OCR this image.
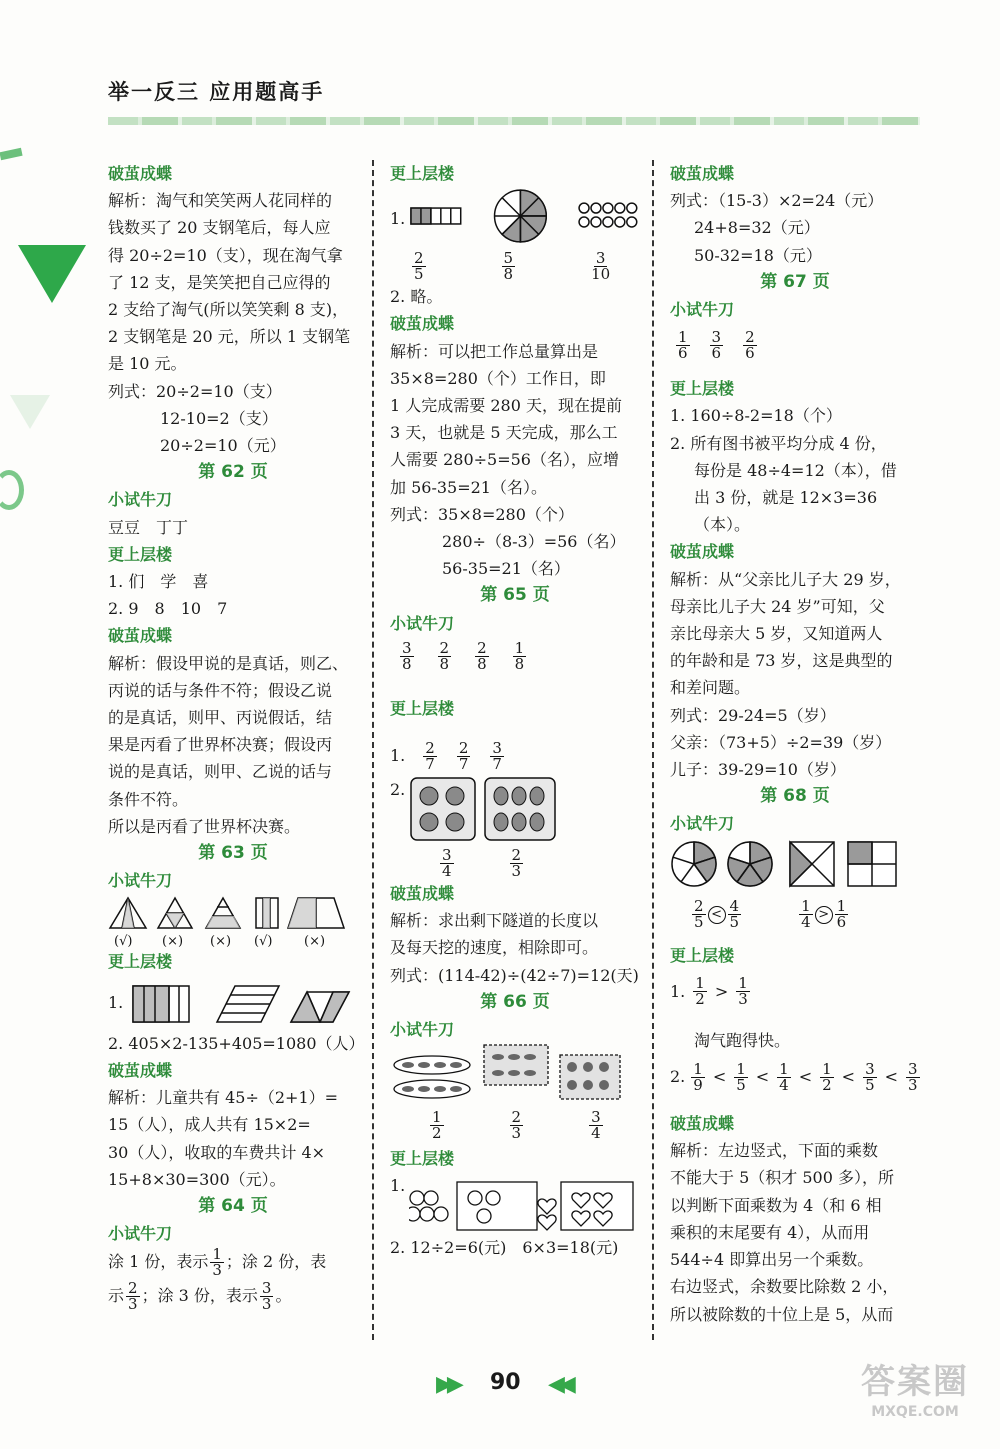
举一反三 应用题高手
破茧成蝶
解析：淘气和笑笑两人花同样的
钱数买了 20 支钢笔后，每人应
得 20÷2=10（支），现在淘气拿
了 12 支，是笑笑把自己应得的
2 支给了淘气(所以笑笑剩 8 支)，
2 支钢笔是 20 元，所以 1 支钢笔
是 10 元。
列式：20÷2=10（支）
12-10=2（支）
20÷2=10（元）
第 62 页
小试牛刀
豆豆　丁丁
更上层楼
1. 们　学　喜
2. 9　8　10　7
破茧成蝶
解析：假设甲说的是真话，则乙、
丙说的话与条件不符；假设乙说
的是真话，则甲、丙说假话，结
果是丙看了世界杯决赛；假设丙
说的是真话，则甲、乙说的话与
条件不符。
所以是丙看了世界杯决赛。
第 63 页
小试牛刀
(√) (×) (×) (√) (×)
更上层楼
1.
2. 405×2-135+405=1080（人）
破茧成蝶
解析：儿童共有 45÷（2+1）=
15（人），成人共有 15×2=
30（人），收取的车费共计 4×
15+8×30=300（元）。
第 64 页
小试牛刀
涂 1 份，表示 $\frac{1}{3}$ ；涂 2 份，表
示 $\frac{2}{3}$ ；涂 3 份，表示 $\frac{3}{3}$ 。
更上层楼
1.
2
5
5
8
3
10
2. 略。
破茧成蝶
解析：可以把工作总量算出是
35×8=280（个）工作日，即
1 人完成需要 280 天，现在提前
3 天，也就是 5 天完成，那么工
人需要 280÷5=56（名），应增
加 56-35=21（名）。
列式：35×8=280（个）
280÷（8-3）=56（名）
56-35=21（名）
第 65 页
小试牛刀
3
8
2
8
2
8
1
8
更上层楼
1. 2
7
2
7
3
7
2.
3
4
2
3
破茧成蝶
解析：求出剩下隧道的长度以
及每天挖的速度，相除即可。
列式：(114-42)÷(42÷7)=12(天)
第 66 页
小试牛刀
1
2
2
3
3
4
更上层楼
1.
2. 12÷2=6(元)　6×3=18(元)
破茧成蝶
列式：（15-3）×2=24（元）
24+8=32（元）
50-32=18（元）
第 67 页
小试牛刀
1
6
3
6
2
6
更上层楼
1. 160÷8-2=18（个）
2. 所有图书被平均分成 4 份，
每份是 48÷4=12（本），借
出 3 份，就是 12×3=36（本）。
破茧成蝶
解析：从“父亲比儿子大 29 岁，
母亲比儿子大 24 岁”可知，父
亲比母亲大 5 岁，又知道两人
的年龄和是 73 岁，这是典型的
和差问题。
列式：29-24=5（岁）
父亲：（73+5）÷2=39（岁）
儿子：39-29=10（岁）
第 68 页
小试牛刀
$\frac{2}{5} < \frac{4}{5}$	$\frac{1}{4} > \frac{1}{6}$
更上层楼
1. 1
2 > 1
3
淘气跑得快。
2. 1
9 < 1
5 < 1
4 < 1
2 < 3
5 < 3
3
破茧成蝶
解析：左边竖式，下面的乘数
不能大于 5（积才 500 多），所
以判断下面乘数为 4（和 6 相
乘积的末尾要有 4），从而用
544÷4 即算出另一个乘数。
右边竖式，余数要比除数 2 小，
所以被除数的十位上是 5，从而
▶▶ 90 ◀◀	答案圈
MXQE.COM
